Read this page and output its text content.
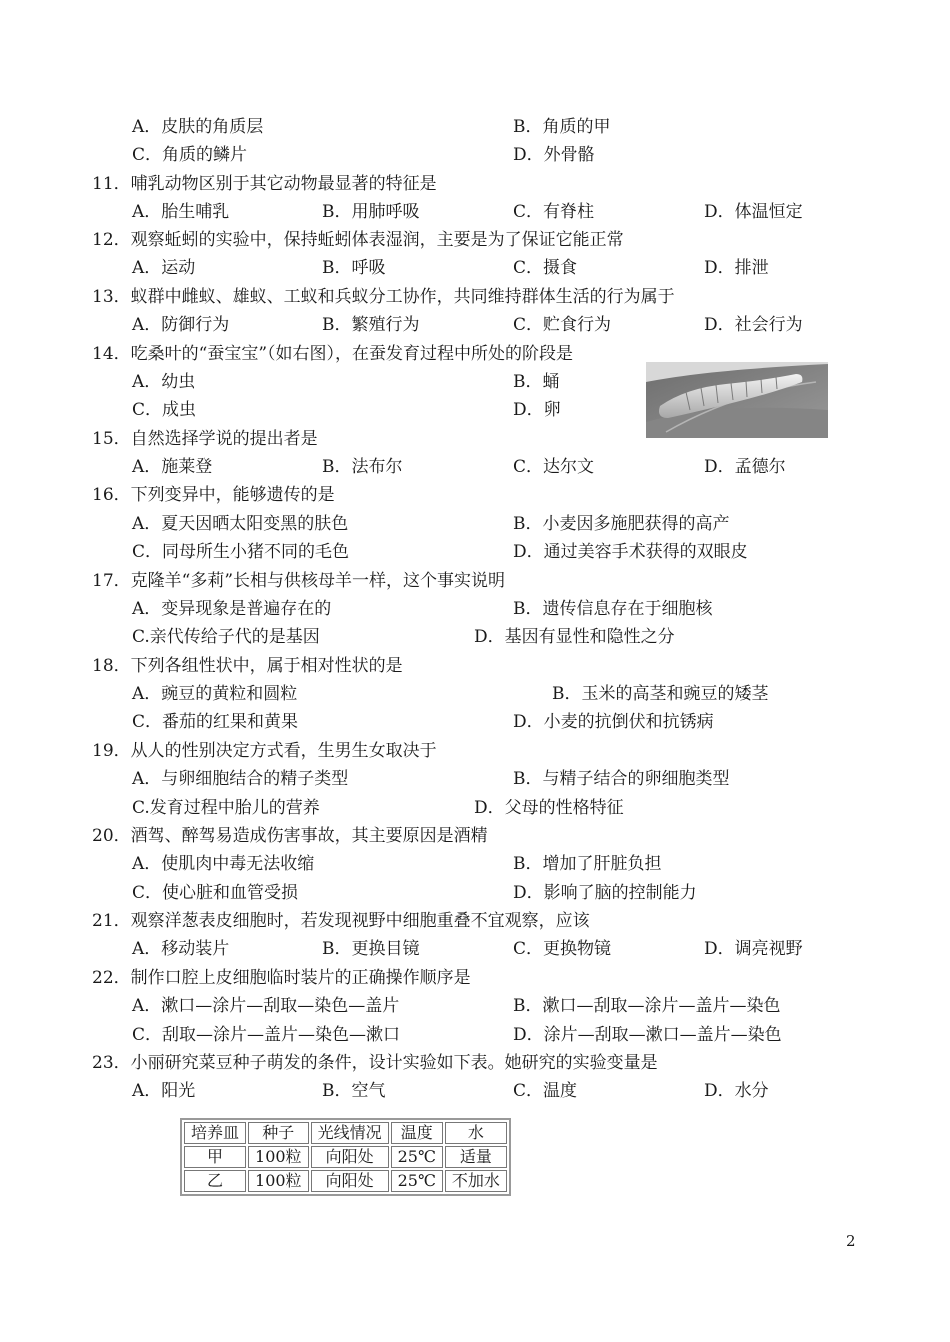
A．皮肤的角质层	B．角质的甲
C．角质的鳞片	D．外骨骼
11．哺乳动物区别于其它动物最显著的特征是
A．胎生哺乳	B．用肺呼吸	C．有脊柱	D．体温恒定
12．观察蚯蚓的实验中，保持蚯蚓体表湿润，主要是为了保证它能正常
A．运动	B．呼吸	C．摄食	D．排泄
13．蚁群中雌蚁、雄蚁、工蚁和兵蚁分工协作，共同维持群体生活的行为属于
A．防御行为	B．繁殖行为	C．贮食行为	D．社会行为
14．吃桑叶的“蚕宝宝”（如右图），在蚕发育过程中所处的阶段是
A．幼虫	B．蛹
C．成虫	D．卵
15．自然选择学说的提出者是
A．施莱登	B．法布尔	C．达尔文	D．孟德尔
16．下列变异中，能够遗传的是
A．夏天因晒太阳变黑的肤色	B．小麦因多施肥获得的高产
C．同母所生小猪不同的毛色	D．通过美容手术获得的双眼皮
17．克隆羊“多莉”长相与供核母羊一样，这个事实说明
A．变异现象是普遍存在的	B．遗传信息存在于细胞核
C.亲代传给子代的是基因	D．基因有显性和隐性之分
18．下列各组性状中，属于相对性状的是
A．豌豆的黄粒和圆粒	B．玉米的高茎和豌豆的矮茎
C．番茄的红果和黄果	D．小麦的抗倒伏和抗锈病
19．从人的性别决定方式看，生男生女取决于
A．与卵细胞结合的精子类型	B．与精子结合的卵细胞类型
C.发育过程中胎儿的营养	D．父母的性格特征
20．酒驾、醉驾易造成伤害事故，其主要原因是酒精
A．使肌肉中毒无法收缩	B．增加了肝脏负担
C．使心脏和血管受损	D．影响了脑的控制能力
21．观察洋葱表皮细胞时，若发现视野中细胞重叠不宜观察，应该
A．移动装片	B．更换目镜	C．更换物镜	D．调亮视野
22．制作口腔上皮细胞临时装片的正确操作顺序是
A．漱口—涂片—刮取—染色—盖片	B．漱口—刮取—涂片—盖片—染色
C．刮取—涂片—盖片—染色—漱口	D．涂片—刮取—漱口—盖片—染色
23．小丽研究菜豆种子萌发的条件，设计实验如下表。她研究的实验变量是
A．阳光	B．空气	C．温度	D．水分
培养皿	种子	光线情况	温度	水
甲	100粒	向阳处	25℃	适量
乙	100粒	向阳处	25℃	不加水
2
